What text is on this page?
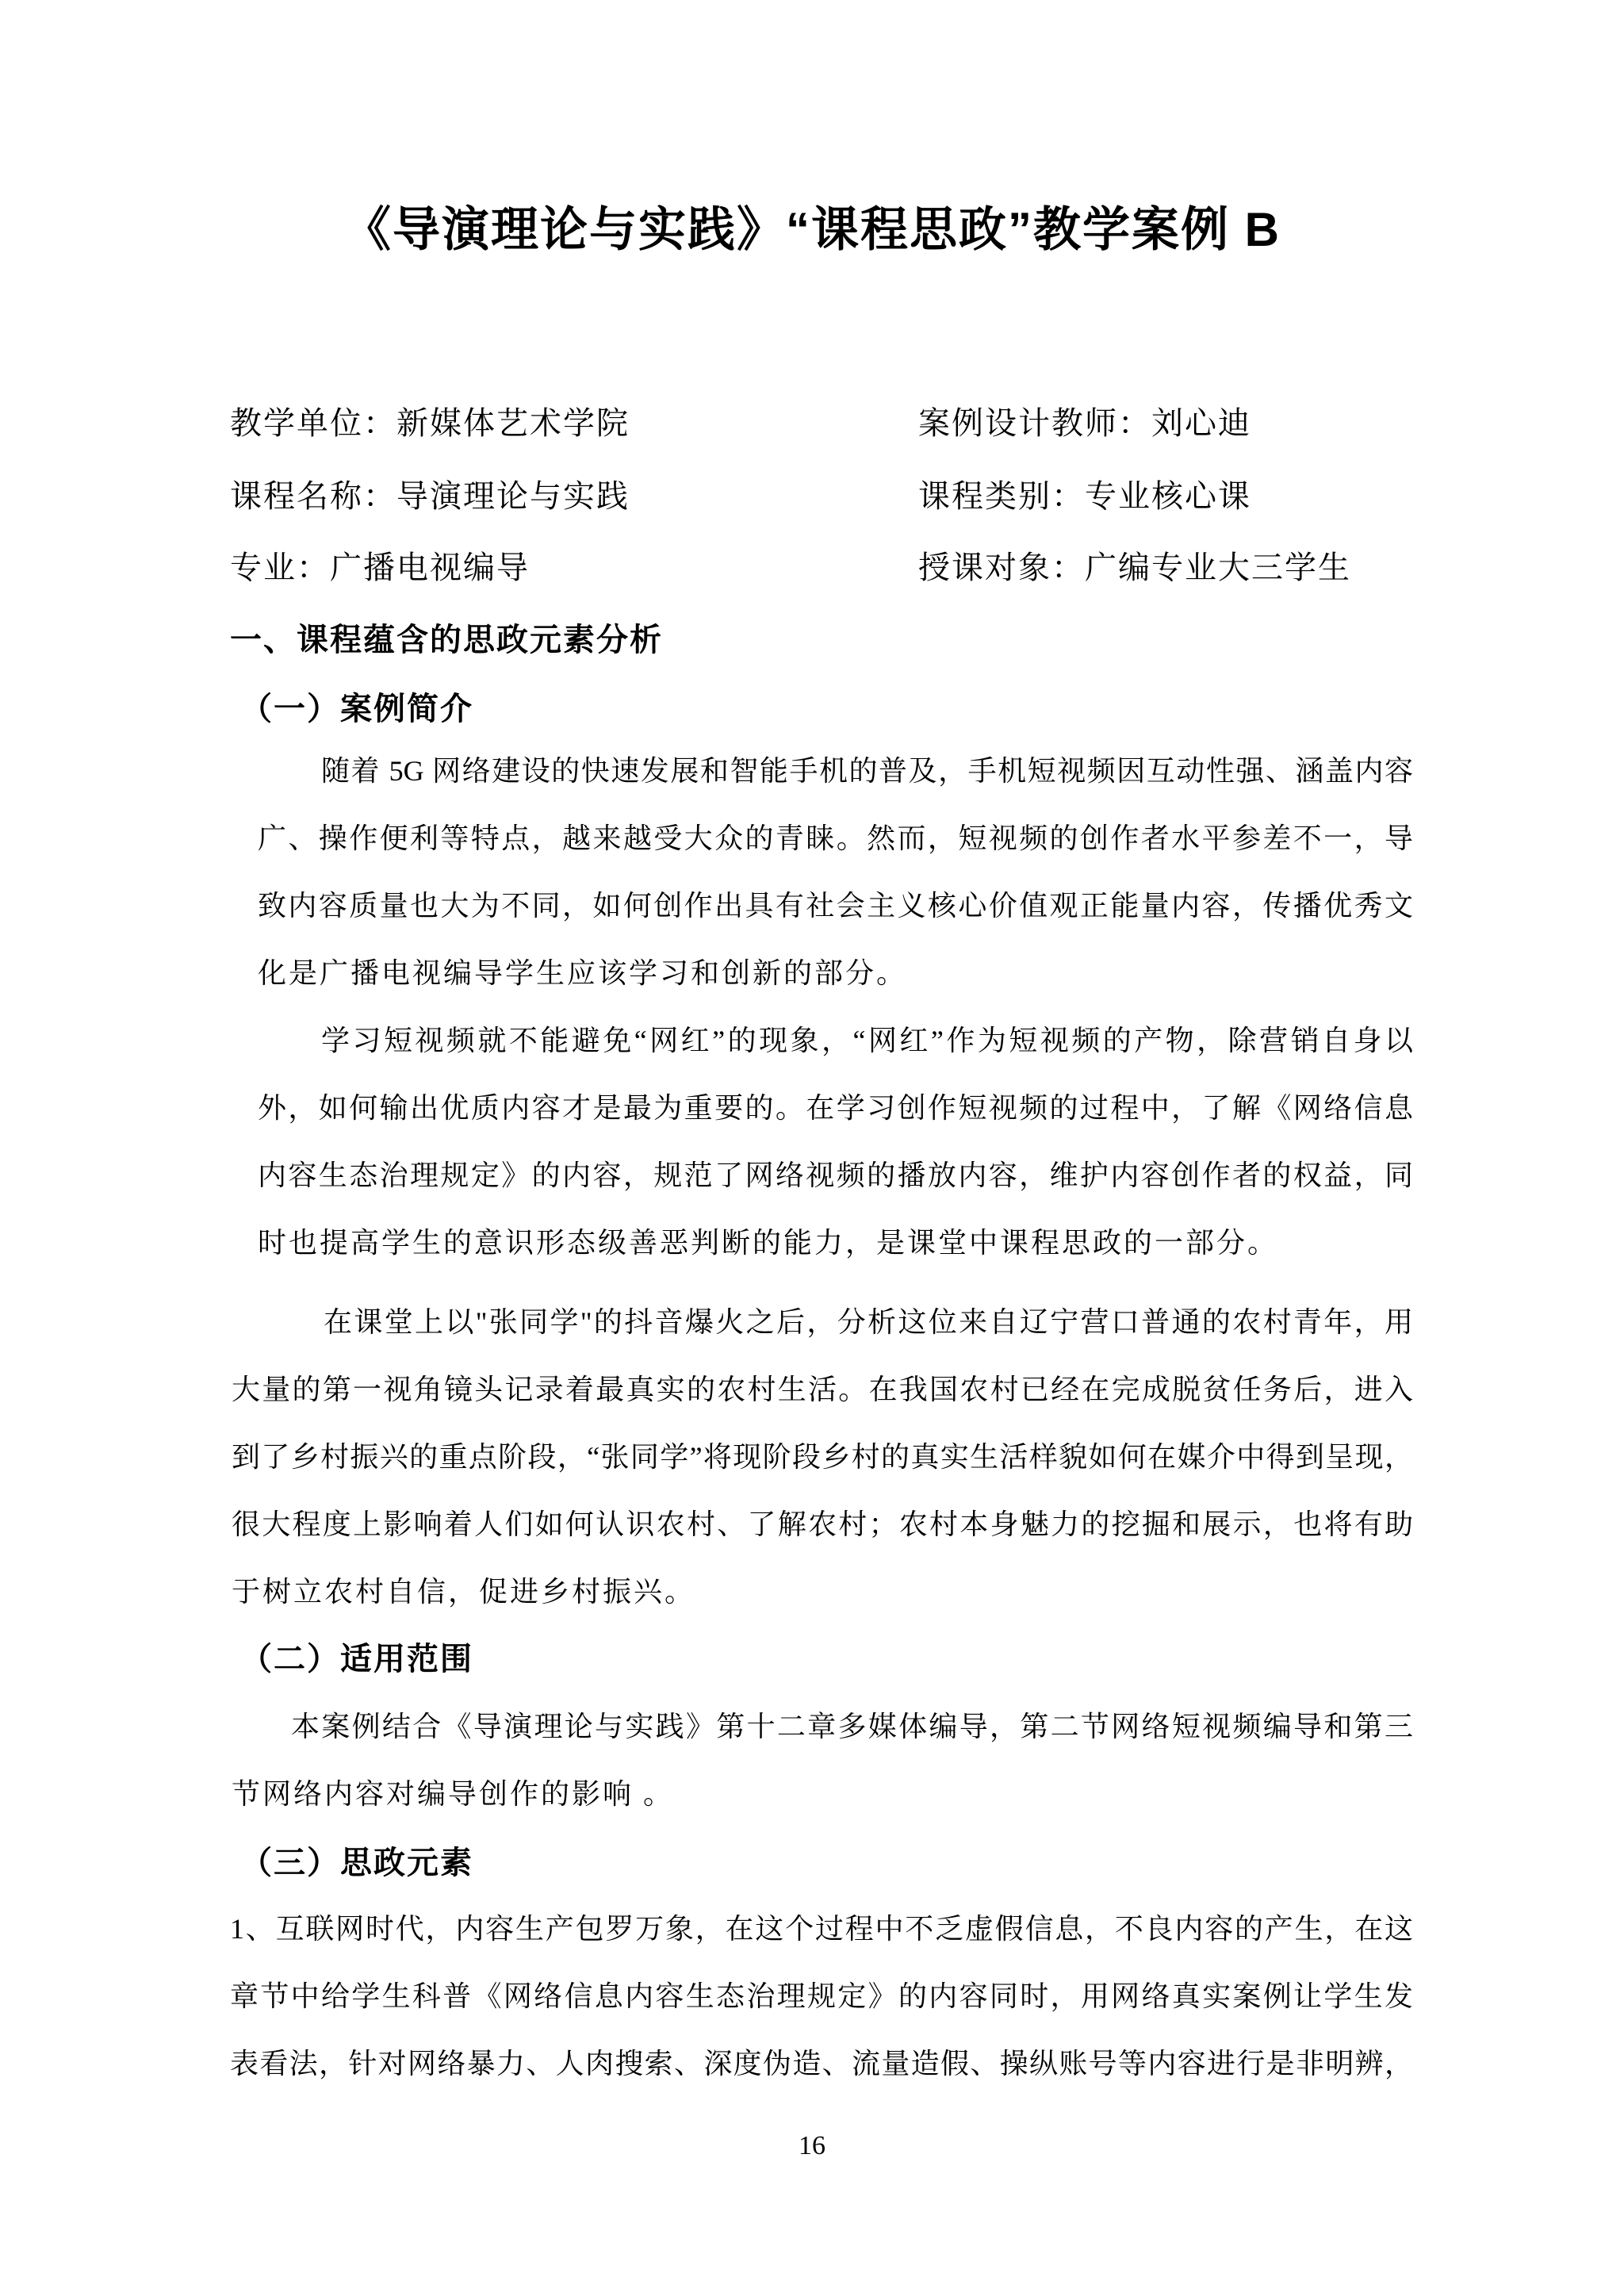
《导演理论与实践》“课程思政”教学案例 B
教学单位：新媒体艺术学院	案例设计教师：刘心迪
课程名称：导演理论与实践	课程类别：专业核心课
专业：广播电视编导	授课对象：广编专业大三学生
一、课程蕴含的思政元素分析
（一）案例简介
随着 5G 网络建设的快速发展和智能手机的普及，手机短视频因互动性强、涵盖内容
广、操作便利等特点，越来越受大众的青睐。然而，短视频的创作者水平参差不一，导
致内容质量也大为不同，如何创作出具有社会主义核心价值观正能量内容，传播优秀文
化是广播电视编导学生应该学习和创新的部分。
学习短视频就不能避免“网红”的现象，“网红”作为短视频的产物，除营销自身以
外，如何输出优质内容才是最为重要的。在学习创作短视频的过程中，了解《网络信息
内容生态治理规定》的内容，规范了网络视频的播放内容，维护内容创作者的权益，同
时也提高学生的意识形态级善恶判断的能力，是课堂中课程思政的一部分。
在课堂上以"张同学"的抖音爆火之后，分析这位来自辽宁营口普通的农村青年，用
大量的第一视角镜头记录着最真实的农村生活。在我国农村已经在完成脱贫任务后，进入
到了乡村振兴的重点阶段，“张同学”将现阶段乡村的真实生活样貌如何在媒介中得到呈现，
很大程度上影响着人们如何认识农村、了解农村；农村本身魅力的挖掘和展示，也将有助
于树立农村自信，促进乡村振兴。
（二）适用范围
本案例结合《导演理论与实践》第十二章多媒体编导，第二节网络短视频编导和第三
节网络内容对编导创作的影响 。
（三）思政元素
1、互联网时代，内容生产包罗万象，在这个过程中不乏虚假信息，不良内容的产生，在这
章节中给学生科普《网络信息内容生态治理规定》的内容同时，用网络真实案例让学生发
表看法，针对网络暴力、人肉搜索、深度伪造、流量造假、操纵账号等内容进行是非明辨，
16
